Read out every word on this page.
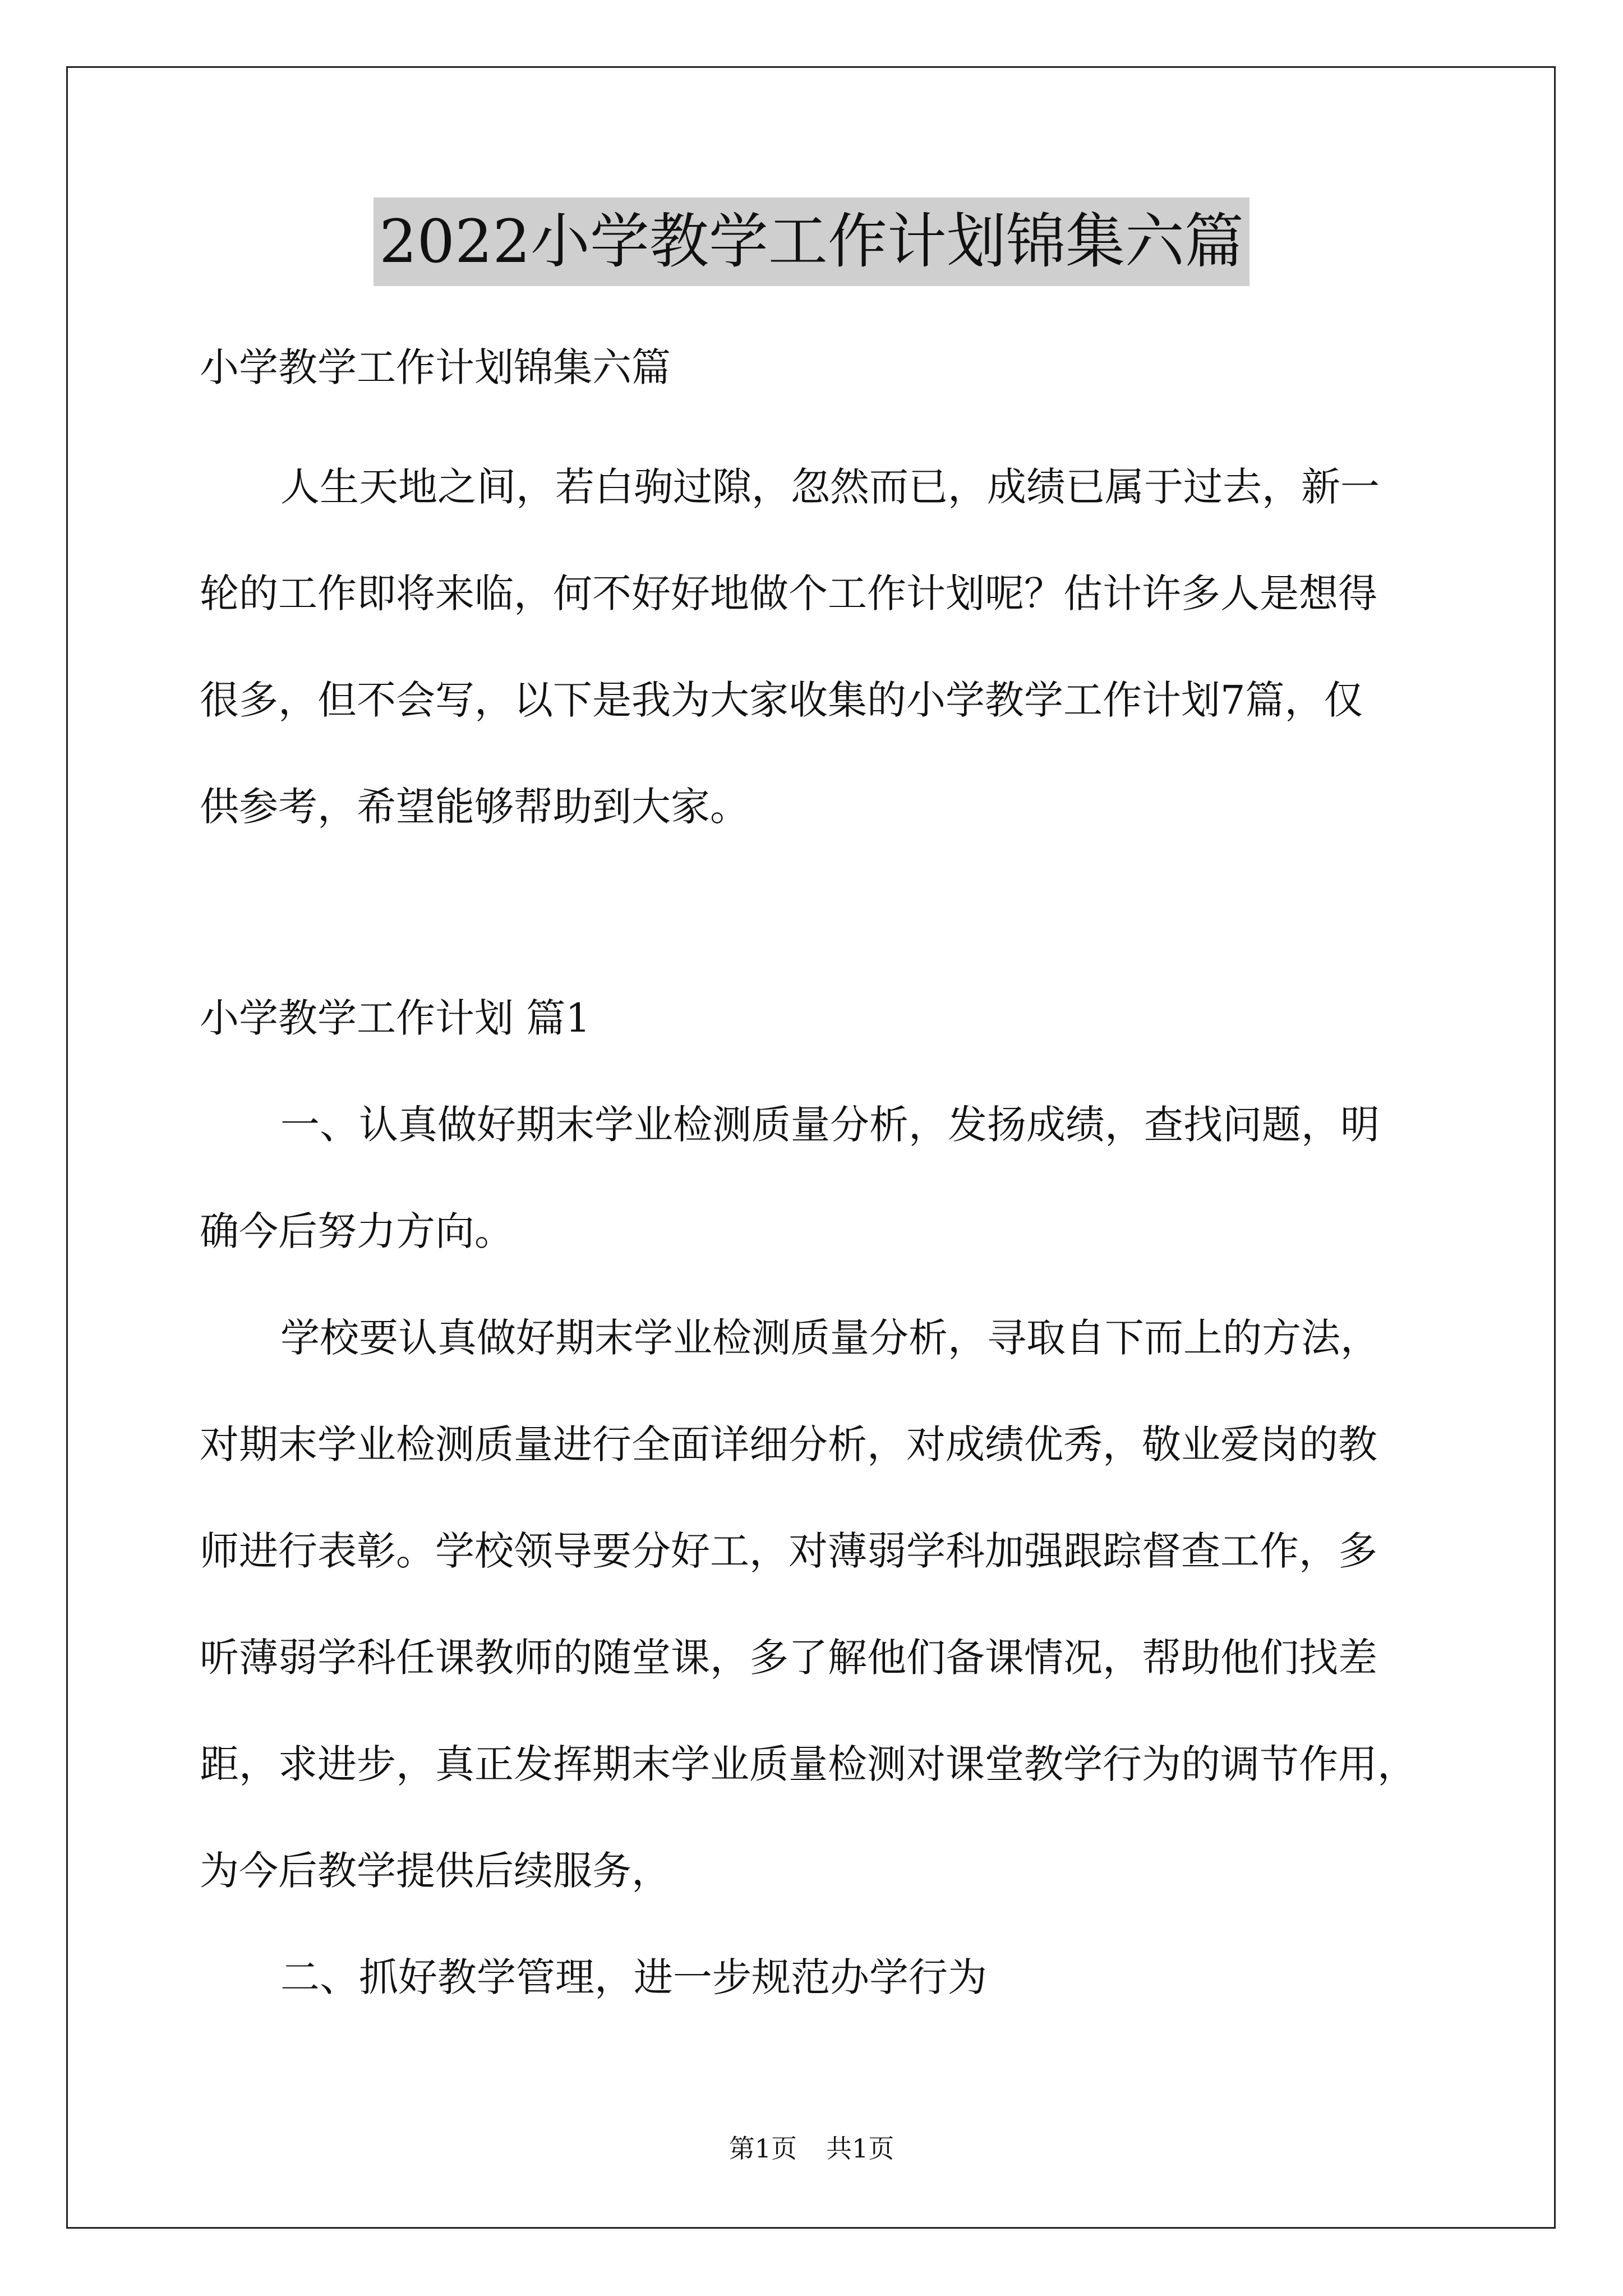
2022小学教学工作计划锦集六篇
小学教学工作计划锦集六篇
人生天地之间，若白驹过隙，忽然而已，成绩已属于过去，新一
轮的工作即将来临，何不好好地做个工作计划呢？估计许多人是想得
很多，但不会写，以下是我为大家收集的小学教学工作计划7篇，仅
供参考，希望能够帮助到大家。
小学教学工作计划 篇1
一、认真做好期末学业检测质量分析，发扬成绩，查找问题，明
确今后努力方向。
学校要认真做好期末学业检测质量分析，寻取自下而上的方法，
对期末学业检测质量进行全面详细分析，对成绩优秀，敬业爱岗的教
师进行表彰。学校领导要分好工，对薄弱学科加强跟踪督查工作，多
听薄弱学科任课教师的随堂课，多了解他们备课情况，帮助他们找差
距，求进步，真正发挥期末学业质量检测对课堂教学行为的调节作用，
为今后教学提供后续服务，
二、抓好教学管理，进一步规范办学行为
第1页 共1页
